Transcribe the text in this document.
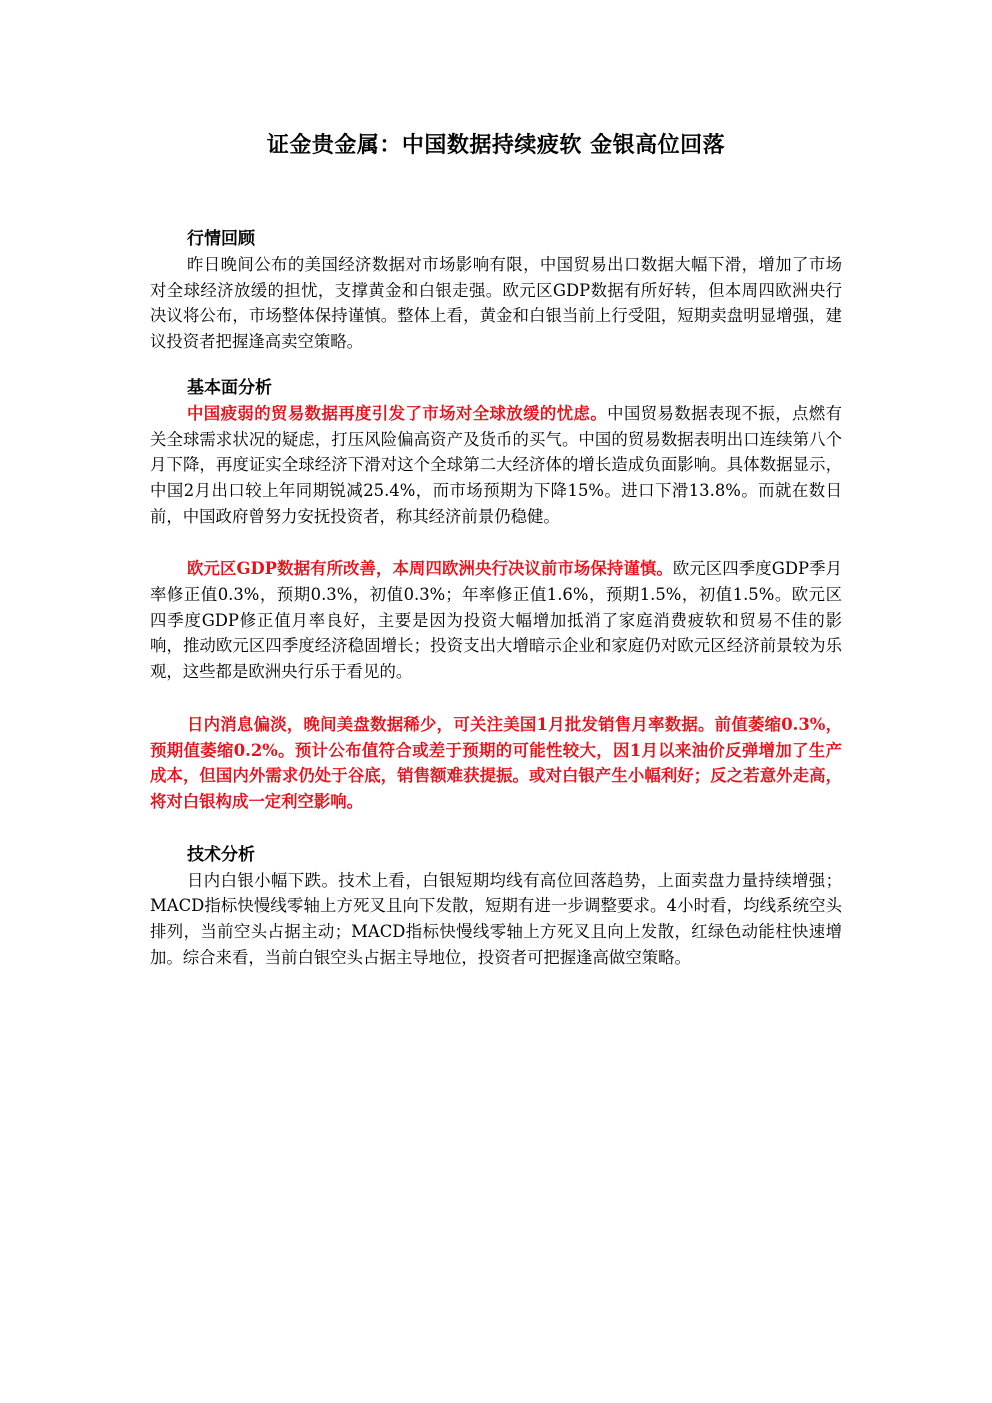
证金贵金属：中国数据持续疲软 金银高位回落
行情回顾

昨日晚间公布的美国经济数据对市场影响有限，中国贸易出口数据大幅下滑，增加了市场对全球经济放缓的担忧，支撑黄金和白银走强。欧元区GDP数据有所好转，但本周四欧洲央行决议将公布，市场整体保持谨慎。整体上看，黄金和白银当前上行受阻，短期卖盘明显增强，建议投资者把握逢高卖空策略。

基本面分析

中国疲弱的贸易数据再度引发了市场对全球放缓的忧虑。中国贸易数据表现不振，点燃有关全球需求状况的疑虑，打压风险偏高资产及货币的买气。中国的贸易数据表明出口连续第八个月下降，再度证实全球经济下滑对这个全球第二大经济体的增长造成负面影响。具体数据显示，中国2月出口较上年同期锐减25.4%，而市场预期为下降15%。进口下滑13.8%。而就在数日前，中国政府曾努力安抚投资者，称其经济前景仍稳健。

欧元区GDP数据有所改善，本周四欧洲央行决议前市场保持谨慎。欧元区四季度GDP季月率修正值0.3%，预期0.3%，初值0.3%；年率修正值1.6%，预期1.5%，初值1.5%。欧元区四季度GDP修正值月率良好，主要是因为投资大幅增加抵消了家庭消费疲软和贸易不佳的影响，推动欧元区四季度经济稳固增长；投资支出大增暗示企业和家庭仍对欧元区经济前景较为乐观，这些都是欧洲央行乐于看见的。

日内消息偏淡，晚间美盘数据稀少，可关注美国1月批发销售月率数据。前值萎缩0.3%，预期值萎缩0.2%。预计公布值符合或差于预期的可能性较大，因1月以来油价反弹增加了生产成本，但国内外需求仍处于谷底，销售额难获提振。或对白银产生小幅利好；反之若意外走高，将对白银构成一定利空影响。

技术分析

日内白银小幅下跌。技术上看，白银短期均线有高位回落趋势，上面卖盘力量持续增强；MACD指标快慢线零轴上方死叉且向下发散，短期有进一步调整要求。4小时看，均线系统空头排列，当前空头占据主动；MACD指标快慢线零轴上方死叉且向上发散，红绿色动能柱快速增加。综合来看，当前白银空头占据主导地位，投资者可把握逢高做空策略。
